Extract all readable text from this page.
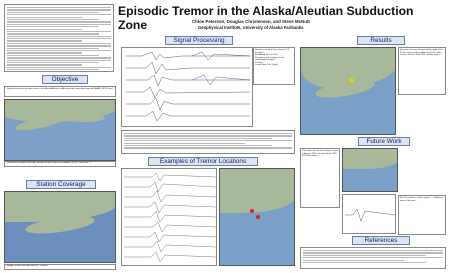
Episodic Tremor in the Alaska/Aleutian Subduction Zone	Chloe Peterson, Douglas Christensen, and Steve McNutt
Geophysical Institute, University of Alaska Fairbanks
Objective
Identify and locate episodic tremor in the Alaska/Aleutian subduction zone using data from the BEAAR, MOOS and ...
Distribution of station coverage. Stations include 2006-2008 (BEAAR, MOOS, PASSCAL...)
Station Coverage
BEAAR station coverage with red ... stations ...
Signal Processing
Remove a single pulse of tremor (1-3 minutes)
Broadband filter (1-5 Hz)
Smoothing and envelope (cross-correlating envelope)
Location
Locate Flow Calc. (Grid)
Examples of Tremor Locations
Results
Episodes of tremor located slightly updip of the 60 km contour of the subducting Pacific plate and just north of 1999-2001 episodic event. ...
Future Work
The events used in this study occurred in August, 2002, the most of the 1999-2001 slow event ...
We will continue to locate tremor ... in different times of the year ...
References
